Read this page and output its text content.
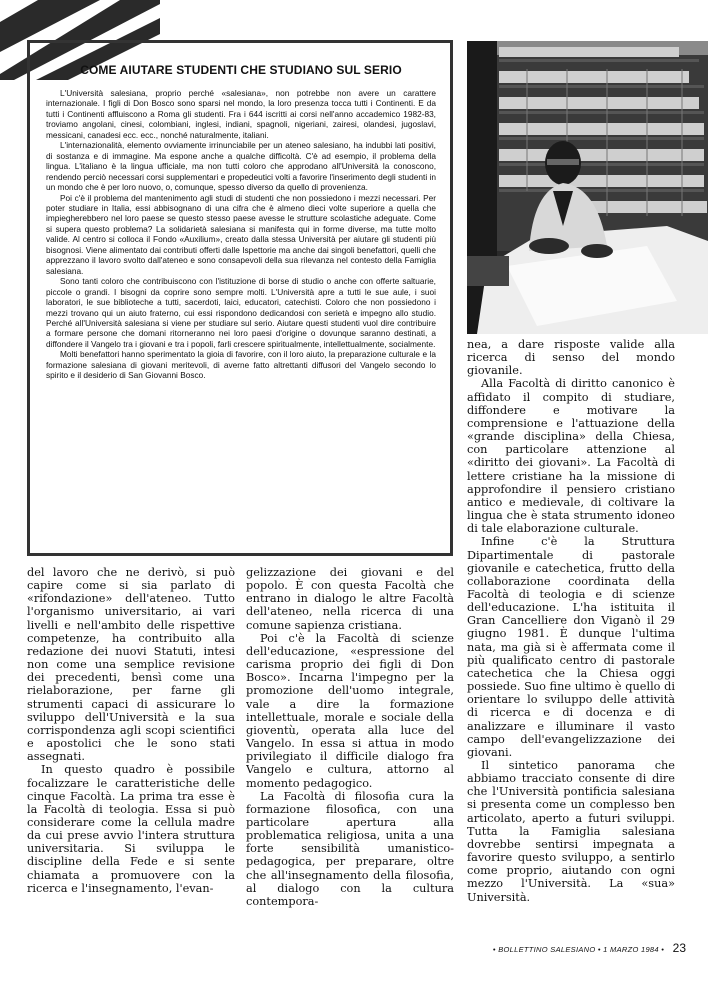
COME AIUTARE STUDENTI CHE STUDIANO SUL SERIO

L'Università salesiana, proprio perché «salesiana», non potrebbe non avere un carattere internazionale. I figli di Don Bosco sono sparsi nel mondo, la loro presenza tocca tutti i Continenti. E da tutti i Continenti affluiscono a Roma gli studenti. Fra i 644 iscritti ai corsi nell'anno accademico 1982-83, troviamo angolani, cinesi, colombiani, inglesi, indiani, spagnoli, nigeriani, zairesi, olandesi, jugoslavi, messicani, canadesi ecc. ecc., nonché naturalmente, italiani.

L'internazionalità, elemento ovviamente irrinunciabile per un ateneo salesiano, ha indubbi lati positivi, di sostanza e di immagine. Ma espone anche a qualche difficoltà. C'è ad esempio, il problema della lingua. L'italiano è la lingua ufficiale, ma non tutti coloro che approdano all'Università la conoscono, rendendo perciò necessari corsi supplementari e propedeutici volti a favorire l'inserimento degli studenti in un mondo che è per loro nuovo, o, comunque, spesso diverso da quello di provenienza.

Poi c'è il problema del mantenimento agli studi di studenti che non possiedono i mezzi necessari. Per poter studiare in Italia, essi abbisognano di una cifra che è almeno dieci volte superiore a quella che impiegherebbero nel loro paese se questo stesso paese avesse le strutture scolastiche adeguate. Come si supera questo problema? La solidarietà salesiana si manifesta qui in forme diverse, ma tutte molto valide. Al centro si colloca il Fondo «Auxilium», creato dalla stessa Università per aiutare gli studenti più bisognosi. Viene alimentato dai contributi offerti dalle Ispettorie ma anche dai singoli benefattori, quelli che apprezzano il lavoro svolto dall'ateneo e sono consapevoli della sua rilevanza nel contesto della Famiglia salesiana.

Sono tanti coloro che contribuiscono con l'istituzione di borse di studio o anche con offerte saltuarie, piccole o grandi. I bisogni da coprire sono sempre molti. L'Università apre a tutti le sue aule, i suoi laboratori, le sue biblioteche a tutti, sacerdoti, laici, educatori, catechisti. Coloro che non possiedono i mezzi trovano qui un aiuto fraterno, cui essi rispondono dedicandosi con serietà e impegno allo studio. Perché all'Università salesiana si viene per studiare sul serio. Aiutare questi studenti vuol dire contribuire a formare persone che domani ritorneranno nei loro paesi d'origine o dovunque saranno destinati, a diffondere il Vangelo tra i giovani e tra i popoli, farli crescere spiritualmente, intellettualmente, socialmente.

Molti benefattori hanno sperimentato la gioia di favorire, con il loro aiuto, la preparazione culturale e la formazione salesiana di giovani meritevoli, di averne fatto altrettanti diffusori del Vangelo secondo lo spirito e il desiderio di San Giovanni Bosco.

del lavoro che ne derivò, si può capire come si sia parlato di «rifondazione» dell'ateneo. Tutto l'organismo universitario, ai vari livelli e nell'ambito delle rispettive competenze, ha contribuito alla redazione dei nuovi Statuti, intesi non come una semplice revisione dei precedenti, bensì come una rielaborazione, per farne gli strumenti capaci di assicurare lo sviluppo dell'Università e la sua corrispondenza agli scopi scientifici e apostolici che le sono stati assegnati.

In questo quadro è possibile focalizzare le caratteristiche delle cinque Facoltà. La prima tra esse è la Facoltà di teologia. Essa si può considerare come la cellula madre da cui prese avvio l'intera struttura universitaria. Si sviluppa le discipline della Fede e si sente chiamata a promuovere con la ricerca e l'insegnamento, l'evan-

gelizzazione dei giovani e del popolo. È con questa Facoltà che entrano in dialogo le altre Facoltà dell'ateneo, nella ricerca di una comune sapienza cristiana.

Poi c'è la Facoltà di scienze dell'educazione, «espressione del carisma proprio dei figli di Don Bosco». Incarna l'impegno per la promozione dell'uomo integrale, vale a dire la formazione intellettuale, morale e sociale della gioventù, operata alla luce del Vangelo. In essa si attua in modo privilegiato il difficile dialogo fra Vangelo e cultura, attorno al momento pedagogico.

La Facoltà di filosofia cura la formazione filosofica, con una particolare apertura alla problematica religiosa, unita a una forte sensibilità umanistico-pedagogica, per preparare, oltre che all'insegnamento della filosofia, al dialogo con la cultura contempora-

nea, a dare risposte valide alla ricerca di senso del mondo giovanile.

Alla Facoltà di diritto canonico è affidato il compito di studiare, diffondere e motivare la comprensione e l'attuazione della «grande disciplina» della Chiesa, con particolare attenzione al «diritto dei giovani». La Facoltà di lettere cristiane ha la missione di approfondire il pensiero cristiano antico e medievale, di coltivare la lingua che è stata strumento idoneo di tale elaborazione culturale.

Infine c'è la Struttura Dipartimentale di pastorale giovanile e catechetica, frutto della collaborazione coordinata della Facoltà di teologia e di scienze dell'educazione. L'ha istituita il Gran Cancelliere don Viganò il 29 giugno 1981. È dunque l'ultima nata, ma già si è affermata come il più qualificato centro di pastorale catechetica che la Chiesa oggi possiede. Suo fine ultimo è quello di orientare lo sviluppo delle attività di ricerca e di docenza e di analizzare e illuminare il vasto campo dell'evangelizzazione dei giovani.

Il sintetico panorama che abbiamo tracciato consente di dire che l'Università pontificia salesiana si presenta come un complesso ben articolato, aperto a futuri sviluppi. Tutta la Famiglia salesiana dovrebbe sentirsi impegnata a favorire questo sviluppo, a sentirlo come proprio, aiutando con ogni mezzo l'Università. La «sua» Università.

• BOLLETTINO SALESIANO • 1 MARZO 1984 • 23
